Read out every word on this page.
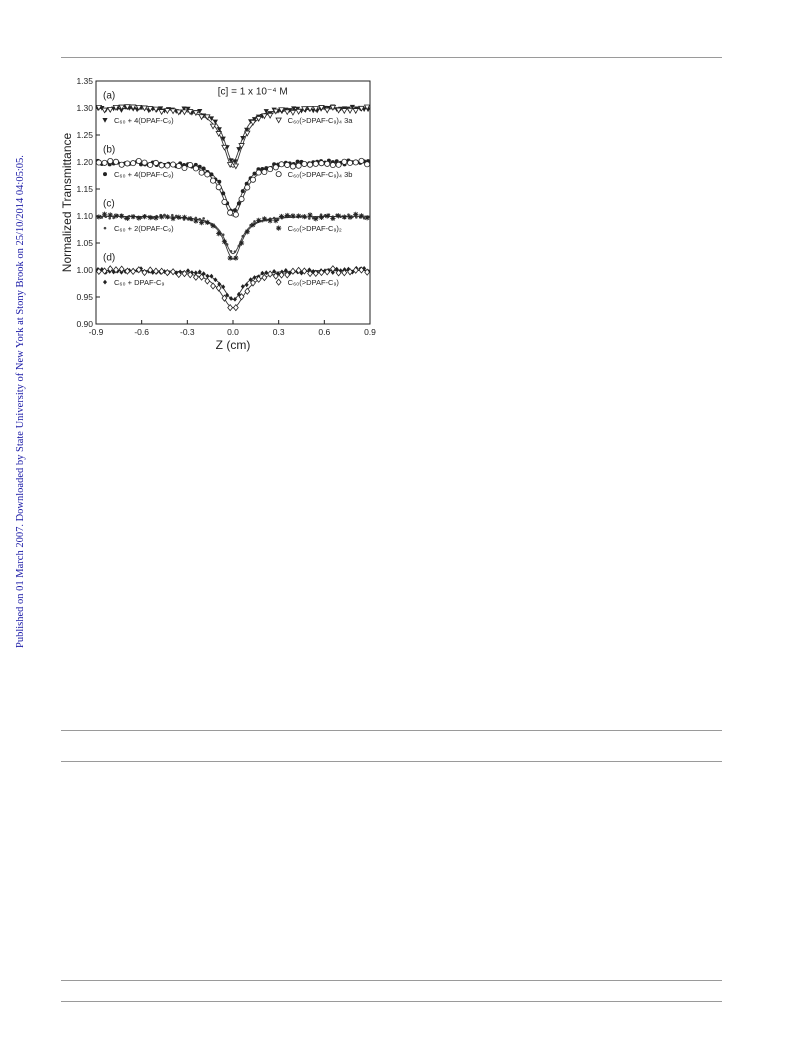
Published on 01 March 2007. Downloaded by State University of New York at Stony Brook on 25/10/2014 04:05:05.	-0.9	-0.6	-0.3	0.0	0.3	0.6	0.9
0.90
0.95
1.00
1.05
1.10
1.15
1.20
1.25
1.30
1.35
(a)
C₆₀ + 4(DPAF-C₉)	C₆₀(>DPAF-C₉)₄ 3a
(b)
C₆₀ + 4(DPAF-C₉)	C₆₀(>DPAF-C₉)₄ 3b
(c)
C₆₀ + 2(DPAF-C₉)	C₆₀(>DPAF-C₉)₂
(d)
C₆₀ + DPAF-C₉	C₆₀(>DPAF-C₉)
[c] = 1 x 10⁻⁴ M
Z (cm)
Normalized Transmittance
